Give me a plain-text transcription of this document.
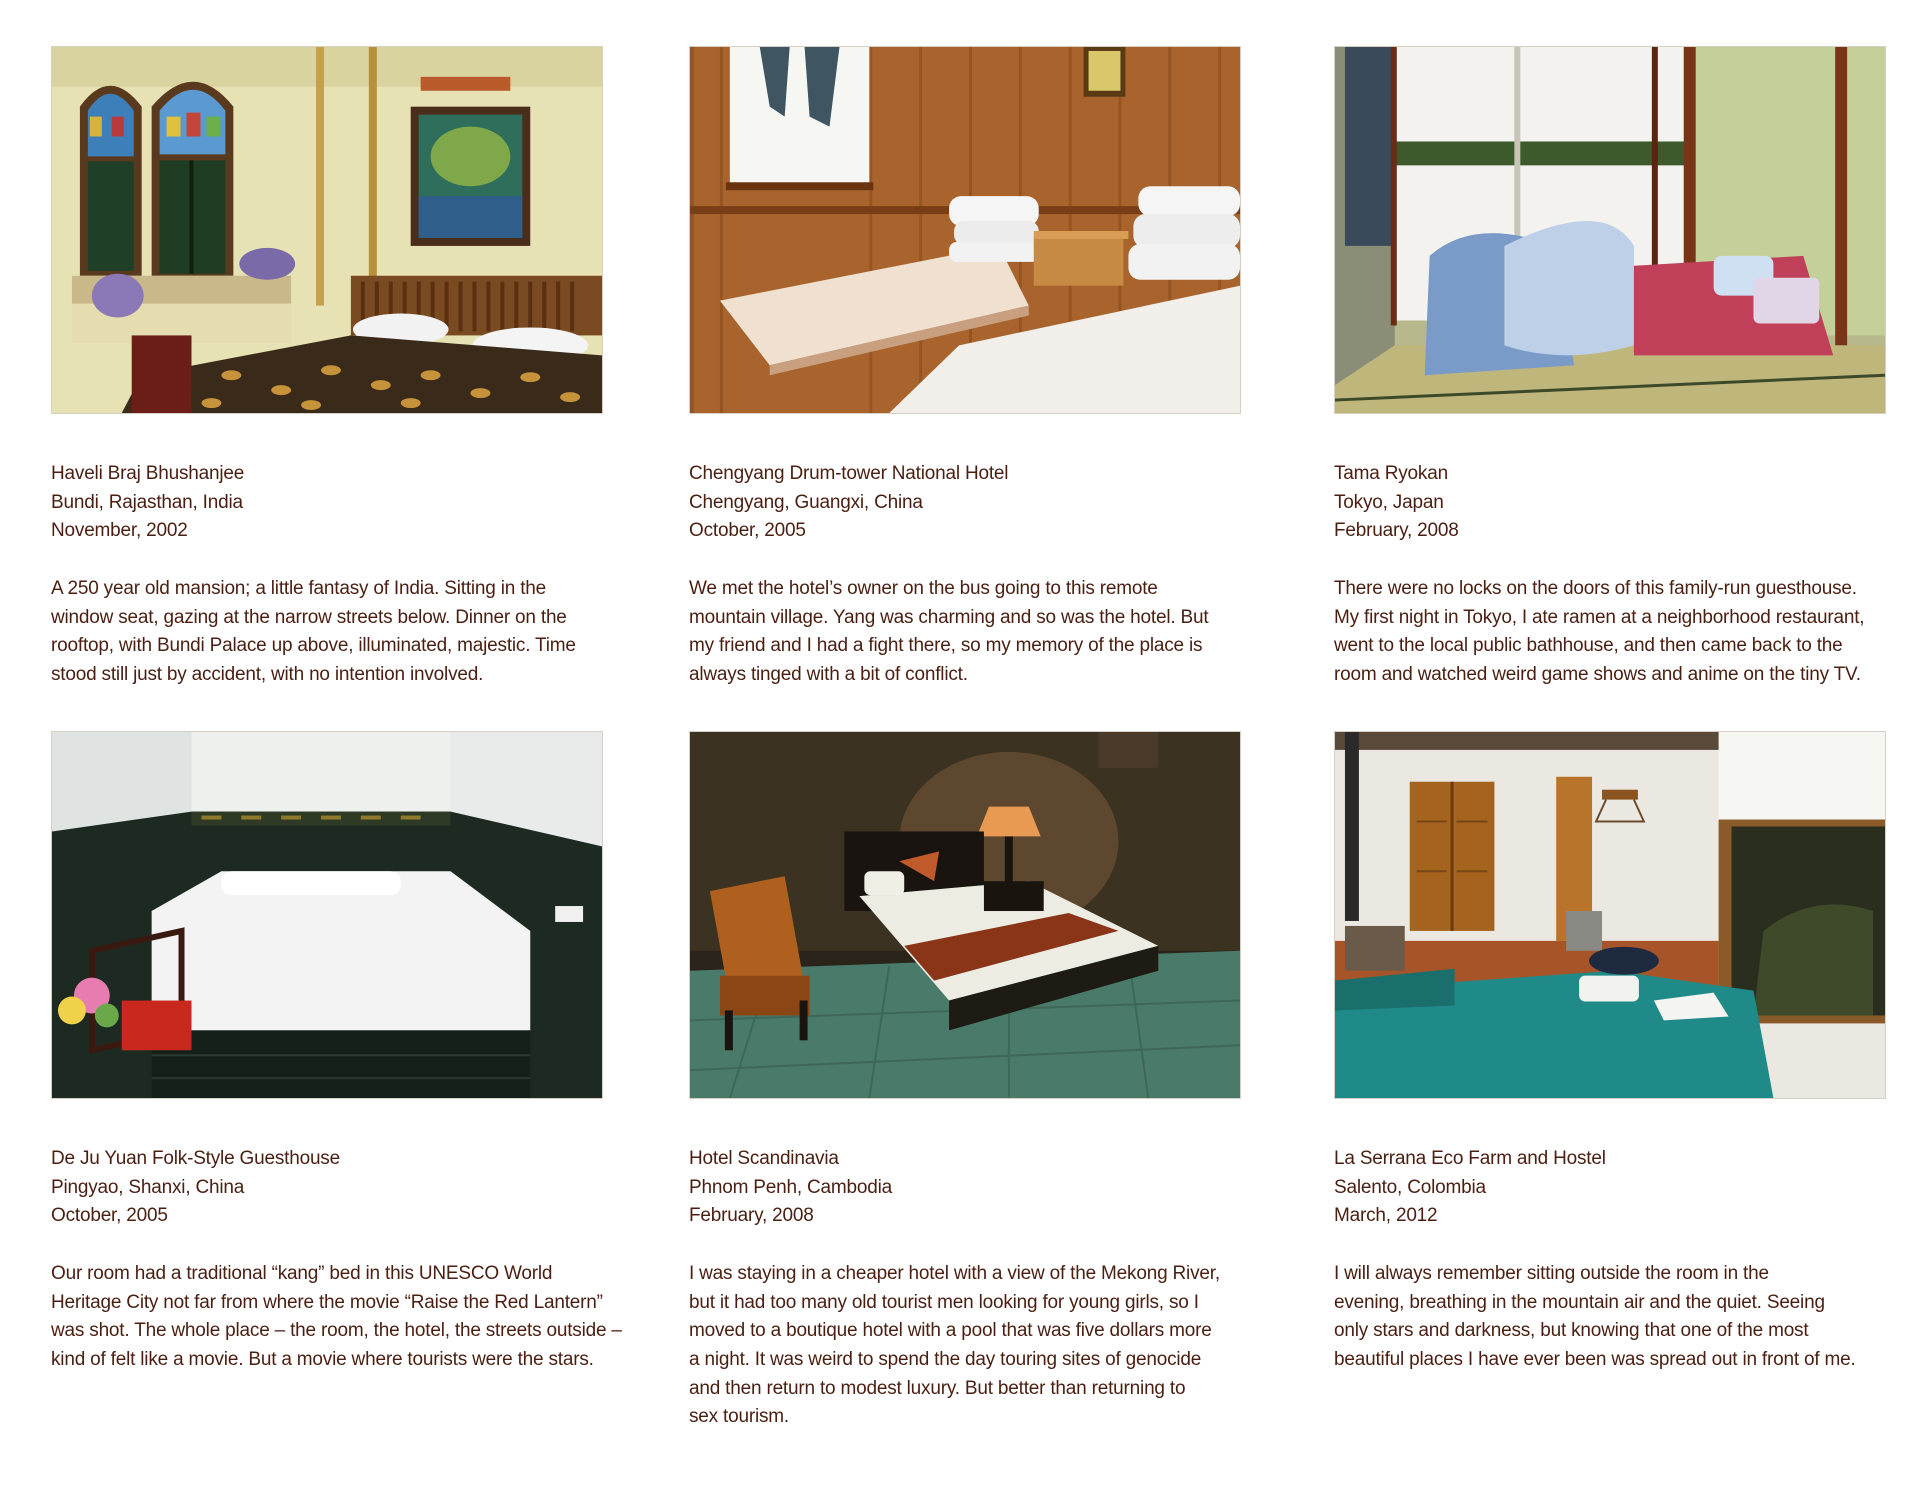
Haveli Braj Bhushanjee
Bundi, Rajasthan, India
November, 2002
A 250 year old mansion; a little fantasy of India. Sitting in the
window seat, gazing at the narrow streets below. Dinner on the
rooftop, with Bundi Palace up above, illuminated, majestic. Time
stood still just by accident, with no intention involved.
Chengyang Drum-tower National Hotel
Chengyang, Guangxi, China
October, 2005
We met the hotel’s owner on the bus going to this remote
mountain village. Yang was charming and so was the hotel. But
my friend and I had a fight there, so my memory of the place is
always tinged with a bit of conflict.
Tama Ryokan
Tokyo, Japan
February, 2008
There were no locks on the doors of this family-run guesthouse.
My first night in Tokyo, I ate ramen at a neighborhood restaurant,
went to the local public bathhouse, and then came back to the
room and watched weird game shows and anime on the tiny TV.
De Ju Yuan Folk-Style Guesthouse
Pingyao, Shanxi, China
October, 2005
Our room had a traditional “kang” bed in this UNESCO World
Heritage City not far from where the movie “Raise the Red Lantern”
was shot. The whole place – the room, the hotel, the streets outside –
kind of felt like a movie. But a movie where tourists were the stars.
Hotel Scandinavia
Phnom Penh, Cambodia
February, 2008
I was staying in a cheaper hotel with a view of the Mekong River,
but it had too many old tourist men looking for young girls, so I
moved to a boutique hotel with a pool that was five dollars more
a night. It was weird to spend the day touring sites of genocide
and then return to modest luxury. But better than returning to
sex tourism.
La Serrana Eco Farm and Hostel
Salento, Colombia
March, 2012
I will always remember sitting outside the room in the
evening, breathing in the mountain air and the quiet. Seeing
only stars and darkness, but knowing that one of the most
beautiful places I have ever been was spread out in front of me.
